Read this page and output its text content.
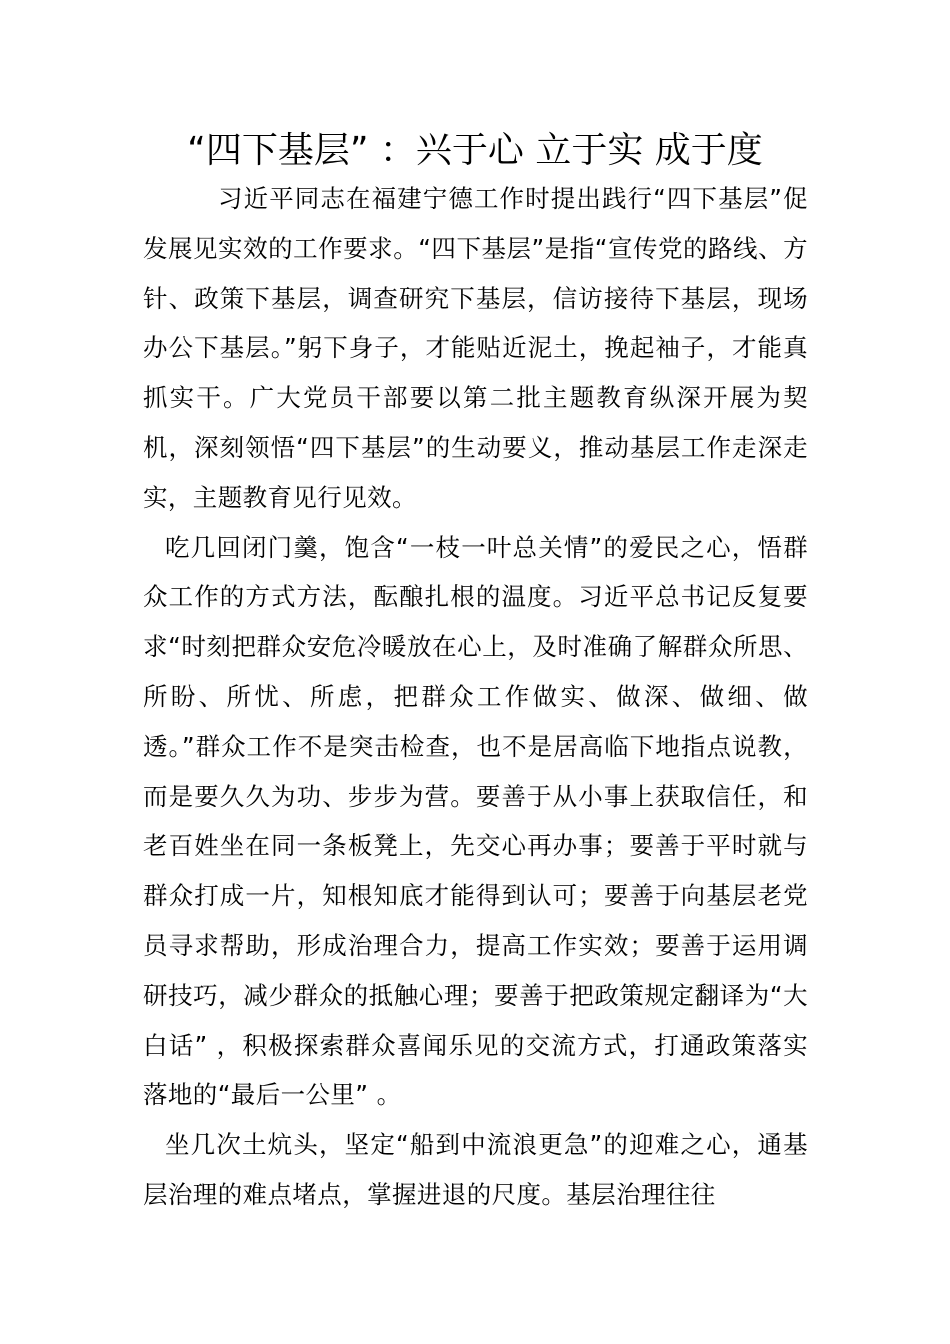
“四下基层” ：兴于心 立于实 成于度

习近平同志在福建宁德工作时提出践行“四下基层”促发展见实效的工作要求。“四下基层”是指“宣传党的路线、方针、政策下基层，调查研究下基层，信访接待下基层，现场办公下基层。”躬下身子，才能贴近泥土，挽起袖子，才能真抓实干。广大党员干部要以第二批主题教育纵深开展为契机，深刻领悟“四下基层”的生动要义，推动基层工作走深走实，主题教育见行见效。

吃几回闭门羹，饱含“一枝一叶总关情”的爱民之心，悟群众工作的方式方法，酝酿扎根的温度。习近平总书记反复要求“时刻把群众安危冷暖放在心上，及时准确了解群众所思、所盼、所忧、所虑，把群众工作做实、做深、做细、做透。”群众工作不是突击检查，也不是居高临下地指点说教，而是要久久为功、步步为营。要善于从小事上获取信任，和老百姓坐在同一条板凳上，先交心再办事；要善于平时就与群众打成一片，知根知底才能得到认可；要善于向基层老党员寻求帮助，形成治理合力，提高工作实效；要善于运用调研技巧，减少群众的抵触心理；要善于把政策规定翻译为“大白话” ，积极探索群众喜闻乐见的交流方式，打通政策落实落地的“最后一公里” 。

坐几次土炕头，坚定“船到中流浪更急”的迎难之心，通基层治理的难点堵点，掌握进退的尺度。基层治理往往
